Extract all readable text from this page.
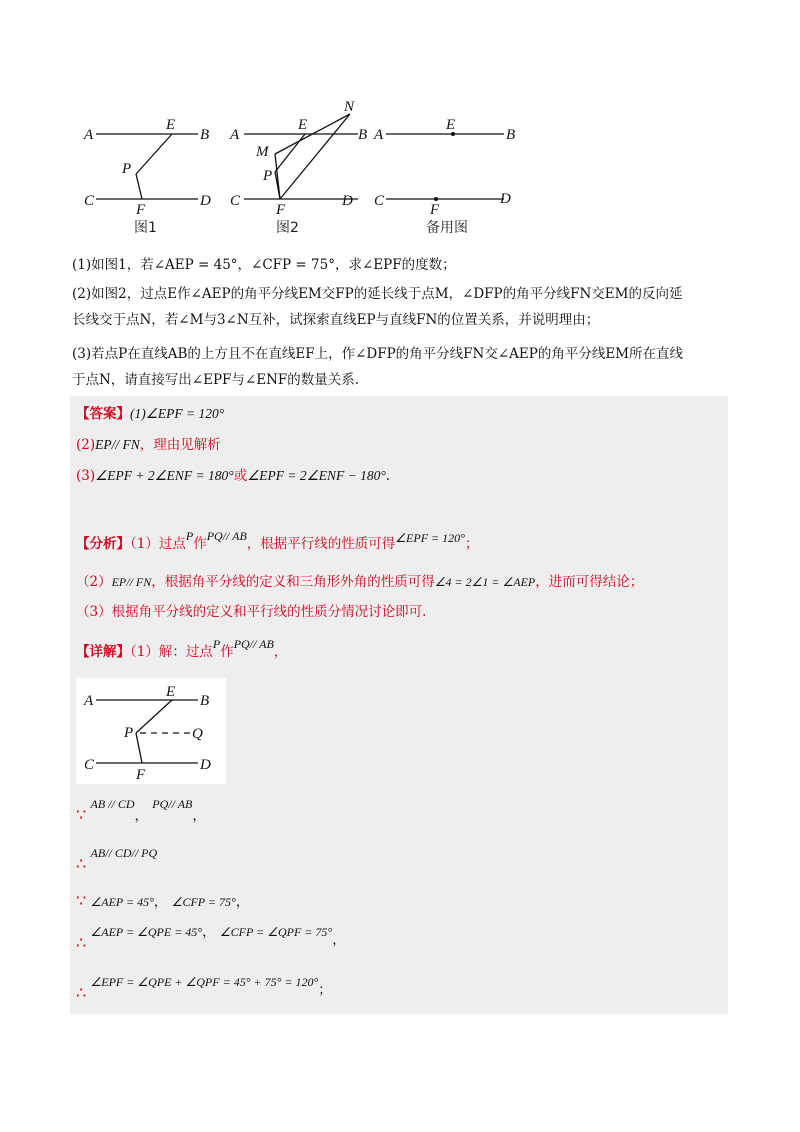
A	B
E
P
C	D
F
图1
A	B
E
N
M
P
C	D
F
图2
A	B
E
C	D
F
备用图
(1)如图1，若∠AEP = 45°，∠CFP = 75°，求∠EPF的度数；
(2)如图2，过点E作∠AEP的角平分线EM交FP的延长线于点M，∠DFP的角平分线FN交EM的反向延
长线交于点N，若∠M与3∠N互补，试探索直线EP与直线FN的位置关系，并说明理由；
(3)若点P在直线AB的上方且不在直线EF上，作∠DFP的角平分线FN交∠AEP的角平分线EM所在直线
于点N，请直接写出∠EPF与∠ENF的数量关系.
【答案】(1)∠EPF = 120°
(2)EP// FN，理由见解析
(3)∠EPF + 2∠ENF = 180°或∠EPF = 2∠ENF − 180°.
【分析】（1）过点P作PQ// AB，根据平行线的性质可得∠EPF = 120°；
（2）EP// FN，根据角平分线的定义和三角形外角的性质可得∠4 = 2∠1 = ∠AEP，进而可得结论；
（3）根据角平分线的定义和平行线的性质分情况讨论即可.
【详解】（1）解：过点P作PQ// AB，
A	B
E
P	Q
C	D
F
∵ AB // CD， PQ// AB，
∴ AB// CD// PQ
∵ ∠AEP = 45°， ∠CFP = 75°，
∴ ∠AEP = ∠QPE = 45°， ∠CFP = ∠QPF = 75°，
∴ ∠EPF = ∠QPE + ∠QPF = 45° + 75° = 120°；
